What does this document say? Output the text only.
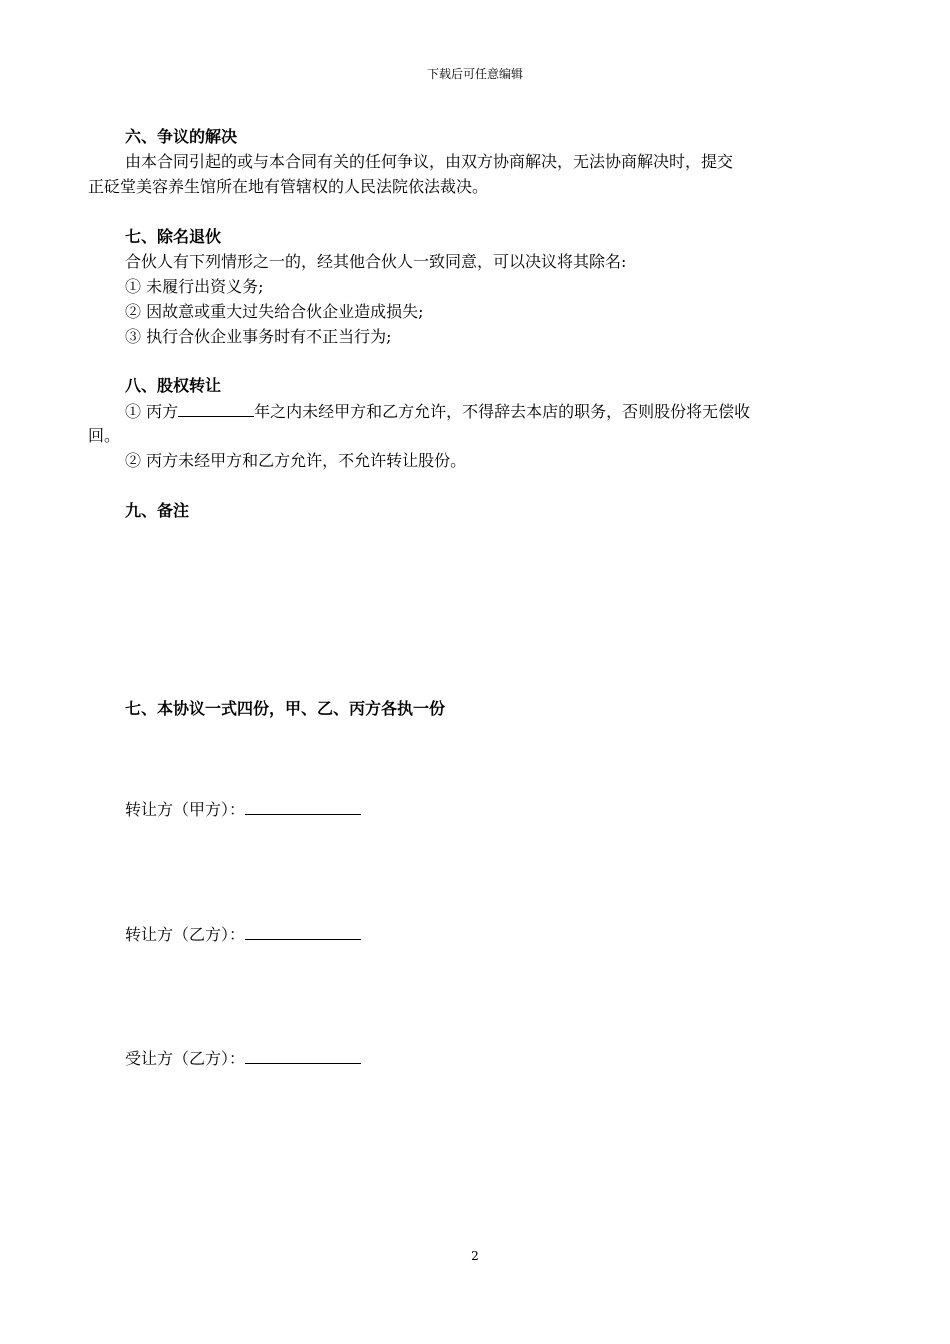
下载后可任意编辑
六、争议的解决
由本合同引起的或与本合同有关的任何争议，由双方协商解决，无法协商解决时，提交
正砭堂美容养生馆所在地有管辖权的人民法院依法裁决。
七、除名退伙
合伙人有下列情形之一的，经其他合伙人一致同意，可以决议将其除名:
① 未履行出资义务;
② 因故意或重大过失给合伙企业造成损失;
③ 执行合伙企业事务时有不正当行为;
八、股权转让
① 丙方	年之内未经甲方和乙方允许，不得辞去本店的职务，否则股份将无偿收
回。
② 丙方未经甲方和乙方允许，不允许转让股份。
九、备注
七、本协议一式四份，甲、乙、丙方各执一份
转让方（甲方）：
转让方（乙方）：
受让方（乙方）：
2
